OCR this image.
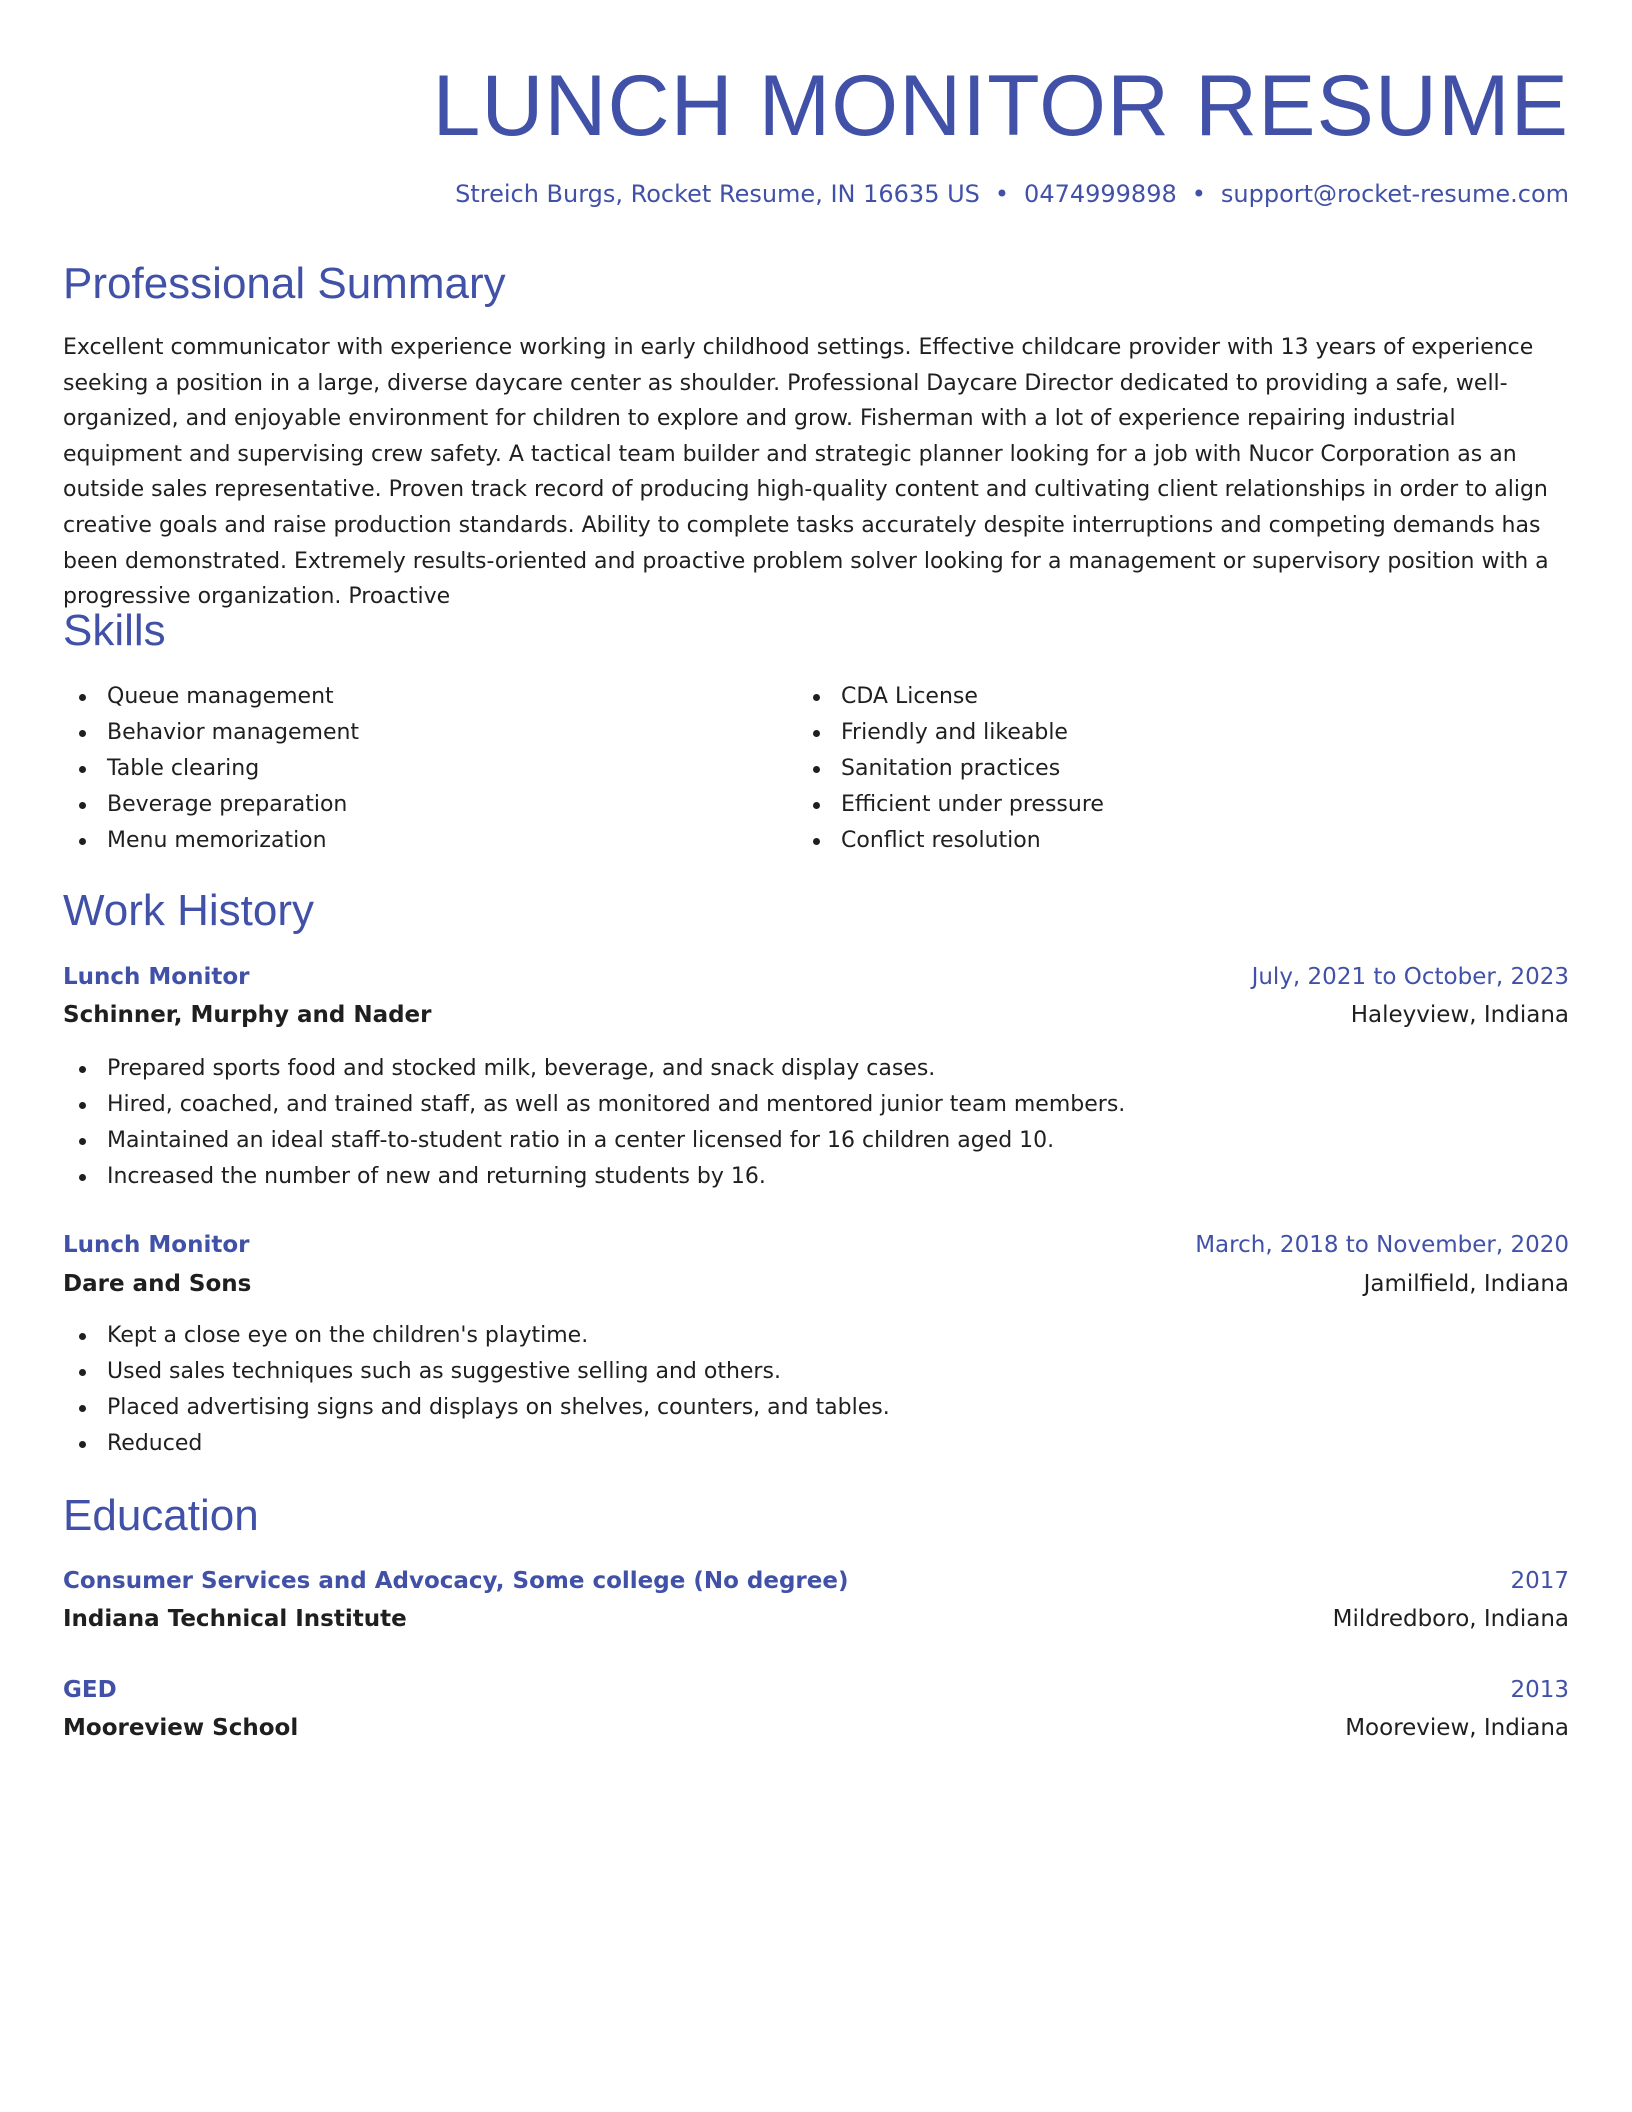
LUNCH MONITOR RESUME
Streich Burgs, Rocket Resume, IN 16635 US • 0474999898 • support@rocket-resume.com
Professional Summary

Excellent communicator with experience working in early childhood settings. Effective childcare provider with 13 years of experience seeking a position in a large, diverse daycare center as shoulder. Professional Daycare Director dedicated to providing a safe, well-organized, and enjoyable environment for children to explore and grow. Fisherman with a lot of experience repairing industrial equipment and supervising crew safety. A tactical team builder and strategic planner looking for a job with Nucor Corporation as an outside sales representative. Proven track record of producing high-quality content and cultivating client relationships in order to align creative goals and raise production standards. Ability to complete tasks accurately despite interruptions and competing demands has been demonstrated. Extremely results-oriented and proactive problem solver looking for a management or supervisory position with a progressive organization. Proactive

Skills
Queue management
Behavior management
Table clearing
Beverage preparation
Menu memorization
CDA License
Friendly and likeable
Sanitation practices
Efficient under pressure
Conflict resolution
Work History
Lunch Monitor	July, 2021 to October, 2023
Schinner, Murphy and Nader	Haleyview, Indiana
Prepared sports food and stocked milk, beverage, and snack display cases.
Hired, coached, and trained staff, as well as monitored and mentored junior team members.
Maintained an ideal staff-to-student ratio in a center licensed for 16 children aged 10.
Increased the number of new and returning students by 16.
Lunch Monitor	March, 2018 to November, 2020
Dare and Sons	Jamilfield, Indiana
Kept a close eye on the children's playtime.
Used sales techniques such as suggestive selling and others.
Placed advertising signs and displays on shelves, counters, and tables.
Reduced
Education
Consumer Services and Advocacy, Some college (No degree)	2017
Indiana Technical Institute	Mildredboro, Indiana
GED	2013
Mooreview School	Mooreview, Indiana
